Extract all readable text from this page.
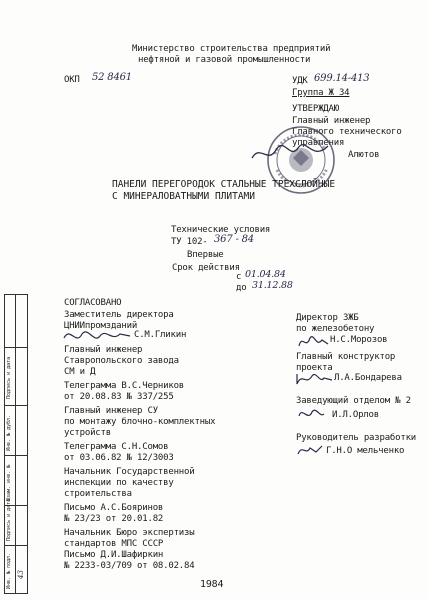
Министерство строительства предприятий
нефтяной и газовой промышленности
ОКП 52 8461	УДК 699.14-413
Группа Ж 34
УТВЕРЖДАЮ
Главный инженер
Главного технического
управления
Алютов
ПАНЕЛИ ПЕРЕГОРОДОК СТАЛЬНЫЕ ТРЕХСЛОЙНЫЕ
С МИНЕРАЛОВАТНЫМИ ПЛИТАМИ
Технические условия
ТУ 102- 367 - 84
Впервые
Срок действия
с 01.04.84
до 31.12.88
СОГЛАСОВАНО
Заместитель директора
ЦНИИпромзданий
С.М.Гликин
Главный инженер
Ставропольского завода
СМ и Д
Телеграмма В.С.Черников
от 20.08.83 № 337/255
Главный инженер СУ
по монтажу блочно-комплектных
устройств
Телеграмма С.Н.Сомов
от 03.06.82 № 12/3003
Начальник Государственной
инспекции по качеству
строительства
Письмо А.С.Бояринов
№ 23/23 от 20.01.82
Начальник Бюро экспертизы
стандартов МПС СССР
Письмо Д.И.Шафиркин
№ 2233-03/709 от 08.02.84
Директор ЗЖБ
по железобетону
Н.С.Морозов
Главный конструктор
проекта
Л.А.Бондарева
Заведующий отделом № 2
И.Л.Орлов
Руководитель разработки
Г.Н.О мельченко
1984
Инв. № подл.
Подпись и дата
Взам. инв. №
Инв. № дубл.
Подпись и дата
43
